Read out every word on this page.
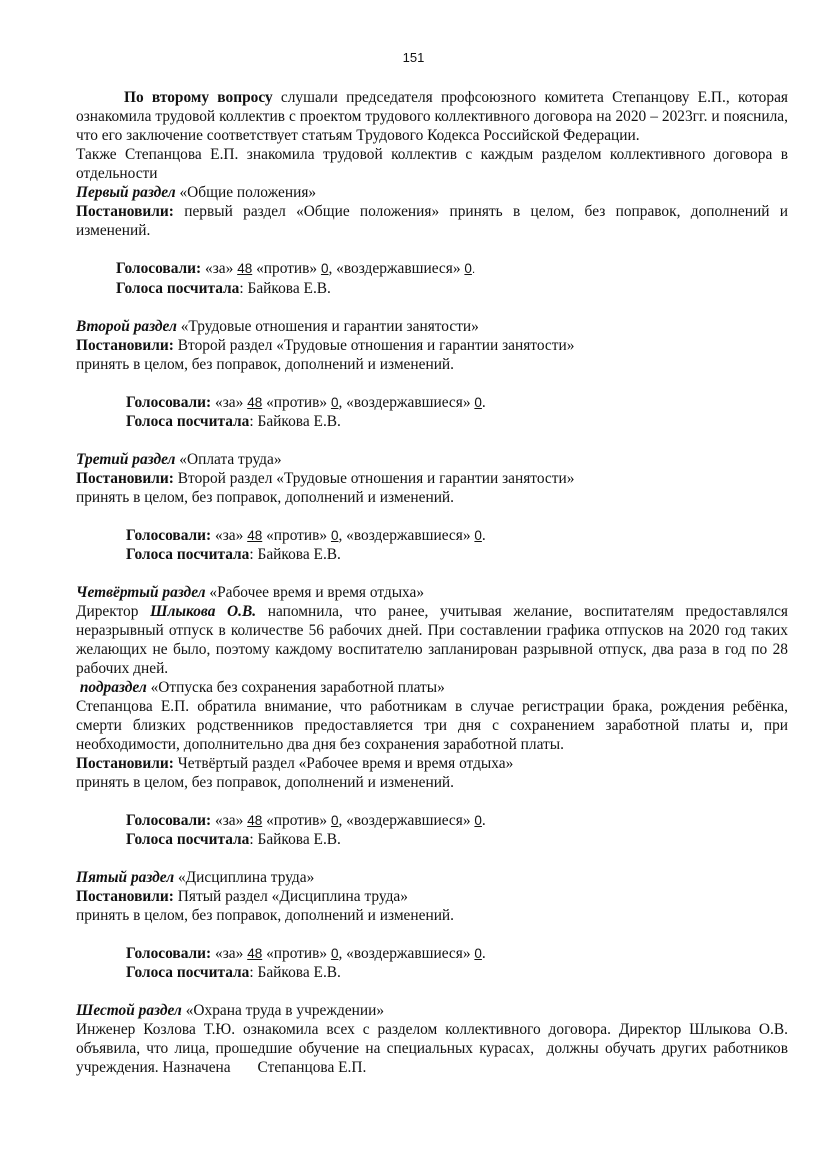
151

По второму вопросу слушали председателя профсоюзного комитета Степанцову Е.П., которая ознакомила трудовой коллектив с проектом трудового коллективного договора на 2020 – 2023гг. и пояснила, что его заключение соответствует статьям Трудового Кодекса Российской Федерации.

Также Степанцова Е.П. знакомила трудовой коллектив с каждым разделом коллективного договора в отдельности

Первый раздел «Общие положения»

Постановили: первый раздел «Общие положения» принять в целом, без поправок, дополнений и изменений.

Голосовали: «за» 48 «против» 0, «воздержавшиеся» 0.

Голоса посчитала: Байкова Е.В.

Второй раздел «Трудовые отношения и гарантии занятости»

Постановили: Второй раздел «Трудовые отношения и гарантии занятости»

принять в целом, без поправок, дополнений и изменений.

Голосовали: «за» 48 «против» 0, «воздержавшиеся» 0.

Голоса посчитала: Байкова Е.В.

Третий раздел «Оплата труда»

Постановили: Второй раздел «Трудовые отношения и гарантии занятости»

принять в целом, без поправок, дополнений и изменений.

Голосовали: «за» 48 «против» 0, «воздержавшиеся» 0.

Голоса посчитала: Байкова Е.В.

Четвёртый раздел «Рабочее время и время отдыха»

Директор Шлыкова О.В. напомнила, что ранее, учитывая желание, воспитателям предоставлялся неразрывный отпуск в количестве 56 рабочих дней. При составлении графика отпусков на 2020 год таких желающих не было, поэтому каждому воспитателю запланирован разрывной отпуск, два раза в год по 28 рабочих дней.

подраздел «Отпуска без сохранения заработной платы»

Степанцова Е.П. обратила внимание, что работникам в случае регистрации брака, рождения ребёнка, смерти близких родственников предоставляется три дня с сохранением заработной платы и, при необходимости, дополнительно два дня без сохранения заработной платы.

Постановили: Четвёртый раздел «Рабочее время и время отдыха»

принять в целом, без поправок, дополнений и изменений.

Голосовали: «за» 48 «против» 0, «воздержавшиеся» 0.

Голоса посчитала: Байкова Е.В.

Пятый раздел «Дисциплина труда»

Постановили: Пятый раздел «Дисциплина труда»

принять в целом, без поправок, дополнений и изменений.

Голосовали: «за» 48 «против» 0, «воздержавшиеся» 0.

Голоса посчитала: Байкова Е.В.

Шестой раздел «Охрана труда в учреждении»

Инженер Козлова Т.Ю. ознакомила всех с разделом коллективного договора. Директор Шлыкова О.В. объявила, что лица, прошедшие обучение на специальных курасах,  должны обучать других работников учреждения. Назначена       Степанцова Е.П.
